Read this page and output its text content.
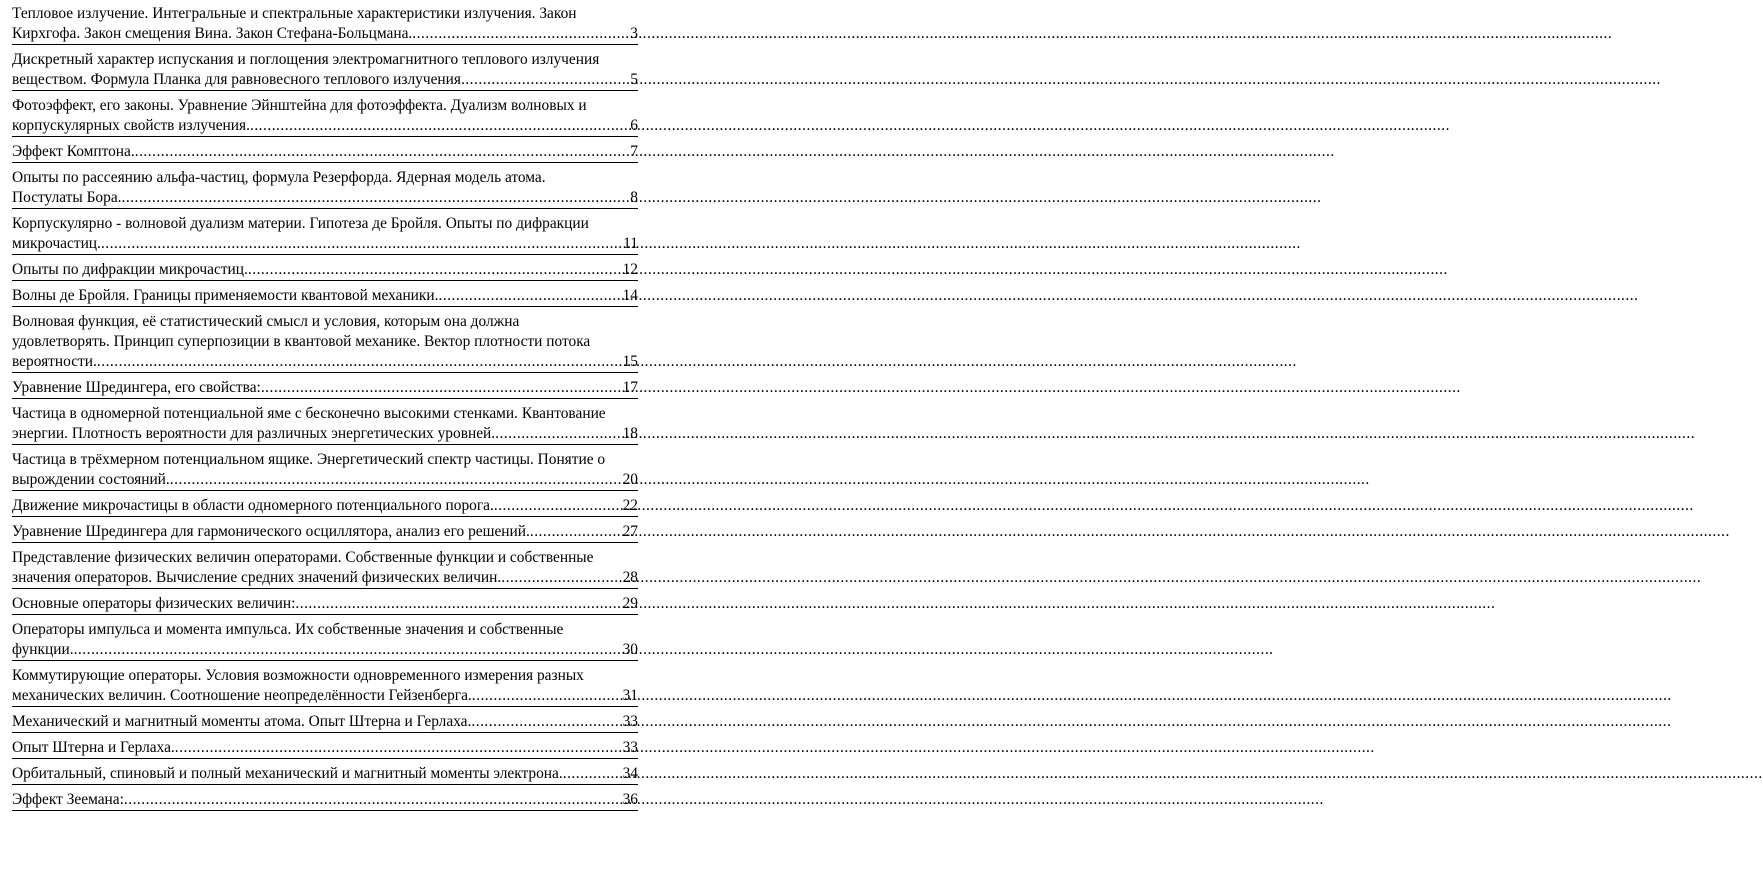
Тепловое излучение. Интегральные и спектральные характеристики излучения. Закон
Кирхгофа. Закон смещения Вина. Закон Стефана-Больцмана. .....	3
Дискретный характер испускания и поглощения электромагнитного теплового излучения
веществом. Формула Планка для равновесного теплового излучения .....	5
Фотоэффект, его законы. Уравнение Эйнштейна для фотоэффекта. Дуализм волновых и
корпускулярных свойств излучения. .....	6
Эффект Комптона. .....	7
Опыты по рассеянию альфа-частиц, формула Резерфорда. Ядерная модель атома.
Постулаты Бора. .....	8
Корпускулярно - волновой дуализм материи. Гипотеза де Бройля. Опыты по дифракции
микрочастиц. .....	11
Опыты по дифракции микрочастиц. .....	12
Волны де Бройля. Границы применяемости квантовой механики. .....	14
Волновая функция, её статистический смысл и условия, которым она должна
удовлетворять. Принцип суперпозиции в квантовой механике. Вектор плотности потока
вероятности. .....	15
Уравнение Шредингера, его свойства: .....	17
Частица в одномерной потенциальной яме с бесконечно высокими стенками. Квантование
энергии. Плотность вероятности для различных энергетических уровней. .....	18
Частица в трёхмерном потенциальном ящике. Энергетический спектр частицы. Понятие о
вырождении состояний. .....	20
Движение микрочастицы в области одномерного потенциального порога. .....	22
Уравнение Шредингера для гармонического осциллятора, анализ его решений. .....	27
Представление физических величин операторами. Собственные функции и собственные
значения операторов. Вычисление средних значений физических величин. .....	28
Основные операторы физических величин: .....	29
Операторы импульса и момента импульса. Их собственные значения и собственные
функции. .....	30
Коммутирующие операторы. Условия возможности одновременного измерения разных
механических величин. Соотношение неопределённости Гейзенберга. .....	31
Механический и магнитный моменты атома. Опыт Штерна и Герлаха. .....	33
Опыт Штерна и Герлаха. .....	33
Орбитальный, спиновый и полный механический и магнитный моменты электрона. .....	34
Эффект Зеемана: .....	36
